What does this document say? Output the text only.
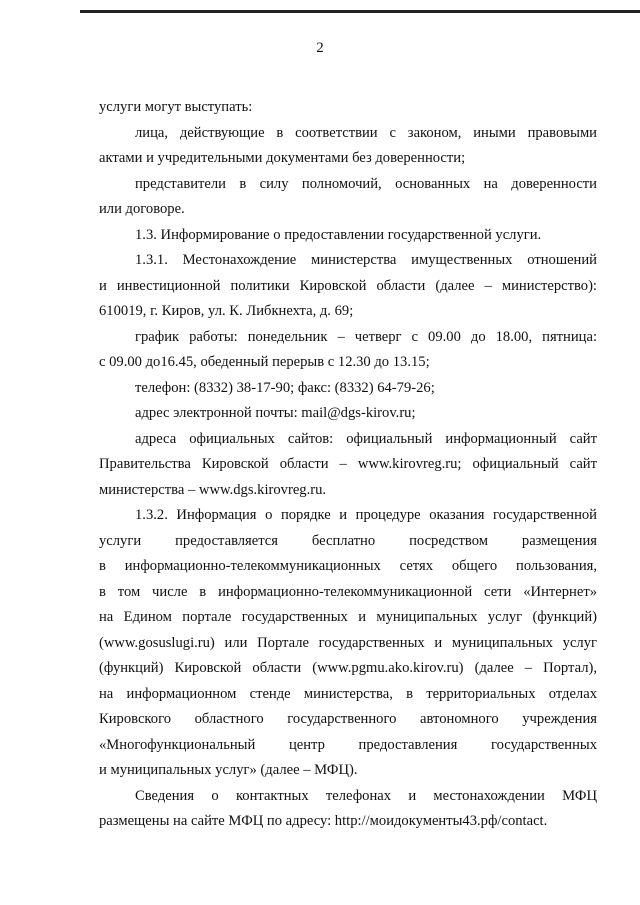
2
услуги могут выступать:
лица, действующие в соответствии с законом, иными правовыми
актами и учредительными документами без доверенности;
представители в силу полномочий, основанных на доверенности
или договоре.
1.3. Информирование о предоставлении государственной услуги.
1.3.1. Местонахождение министерства имущественных отношений
и инвестиционной политики Кировской области (далее – министерство):
610019, г. Киров, ул. К. Либкнехта, д. 69;
график работы: понедельник – четверг с 09.00 до 18.00, пятница:
с 09.00 до16.45, обеденный перерыв с 12.30 до 13.15;
телефон: (8332) 38-17-90; факс: (8332) 64-79-26;
адрес электронной почты: mail@dgs-kirov.ru;
адреса официальных сайтов: официальный информационный сайт
Правительства Кировской области – www.kirovreg.ru; официальный сайт
министерства – www.dgs.kirovreg.ru.
1.3.2. Информация о порядке и процедуре оказания государственной
услуги предоставляется бесплатно посредством размещения
в информационно-телекоммуникационных сетях общего пользования,
в том числе в информационно-телекоммуникационной сети «Интернет»
на Едином портале государственных и муниципальных услуг (функций)
(www.gosuslugi.ru) или Портале государственных и муниципальных услуг
(функций) Кировской области (www.pgmu.ako.kirov.ru) (далее – Портал),
на информационном стенде министерства, в территориальных отделах
Кировского областного государственного автономного учреждения
«Многофункциональный центр предоставления государственных
и муниципальных услуг» (далее – МФЦ).
Сведения о контактных телефонах и местонахождении МФЦ
размещены на сайте МФЦ по адресу: http://моидокументы43.рф/contact.
